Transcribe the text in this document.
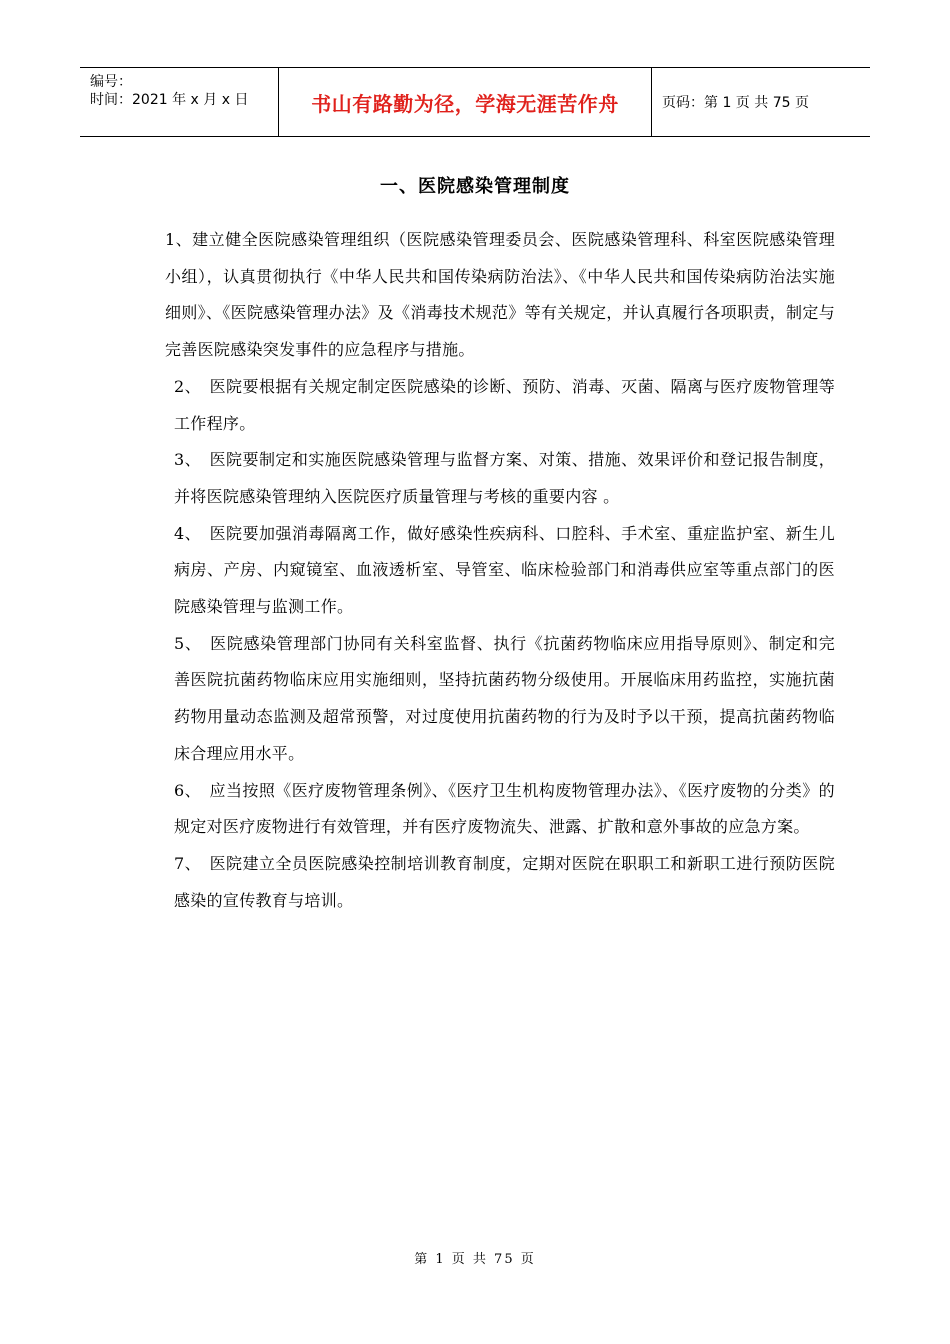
编号：
时间：2021 年 x 月 x 日	书山有路勤为径，学海无涯苦作舟	页码：第 1 页 共 75 页
一、医院感染管理制度

1、建立健全医院感染管理组织（医院感染管理委员会、医院感染管理科、科室医院感染管理小组），认真贯彻执行《中华人民共和国传染病防治法》、《中华人民共和国传染病防治法实施细则》、《医院感染管理办法》及《消毒技术规范》等有关规定，并认真履行各项职责，制定与完善医院感染突发事件的应急程序与措施。

2、　医院要根据有关规定制定医院感染的诊断、预防、消毒、灭菌、隔离与医疗废物管理等工作程序。

3、　医院要制定和实施医院感染管理与监督方案、对策、措施、效果评价和登记报告制度，并将医院感染管理纳入医院医疗质量管理与考核的重要内容 。

4、　医院要加强消毒隔离工作，做好感染性疾病科、口腔科、手术室、重症监护室、新生儿病房、产房、内窥镜室、血液透析室、导管室、临床检验部门和消毒供应室等重点部门的医院感染管理与监测工作。

5、　医院感染管理部门协同有关科室监督、执行《抗菌药物临床应用指导原则》、制定和完善医院抗菌药物临床应用实施细则，坚持抗菌药物分级使用。开展临床用药监控，实施抗菌药物用量动态监测及超常预警，对过度使用抗菌药物的行为及时予以干预，提高抗菌药物临床合理应用水平。

6、　应当按照《医疗废物管理条例》、《医疗卫生机构废物管理办法》、《医疗废物的分类》的规定对医疗废物进行有效管理，并有医疗废物流失、泄露、扩散和意外事故的应急方案。

7、　医院建立全员医院感染控制培训教育制度，定期对医院在职职工和新职工进行预防医院感染的宣传教育与培训。

第 1 页 共 75 页
